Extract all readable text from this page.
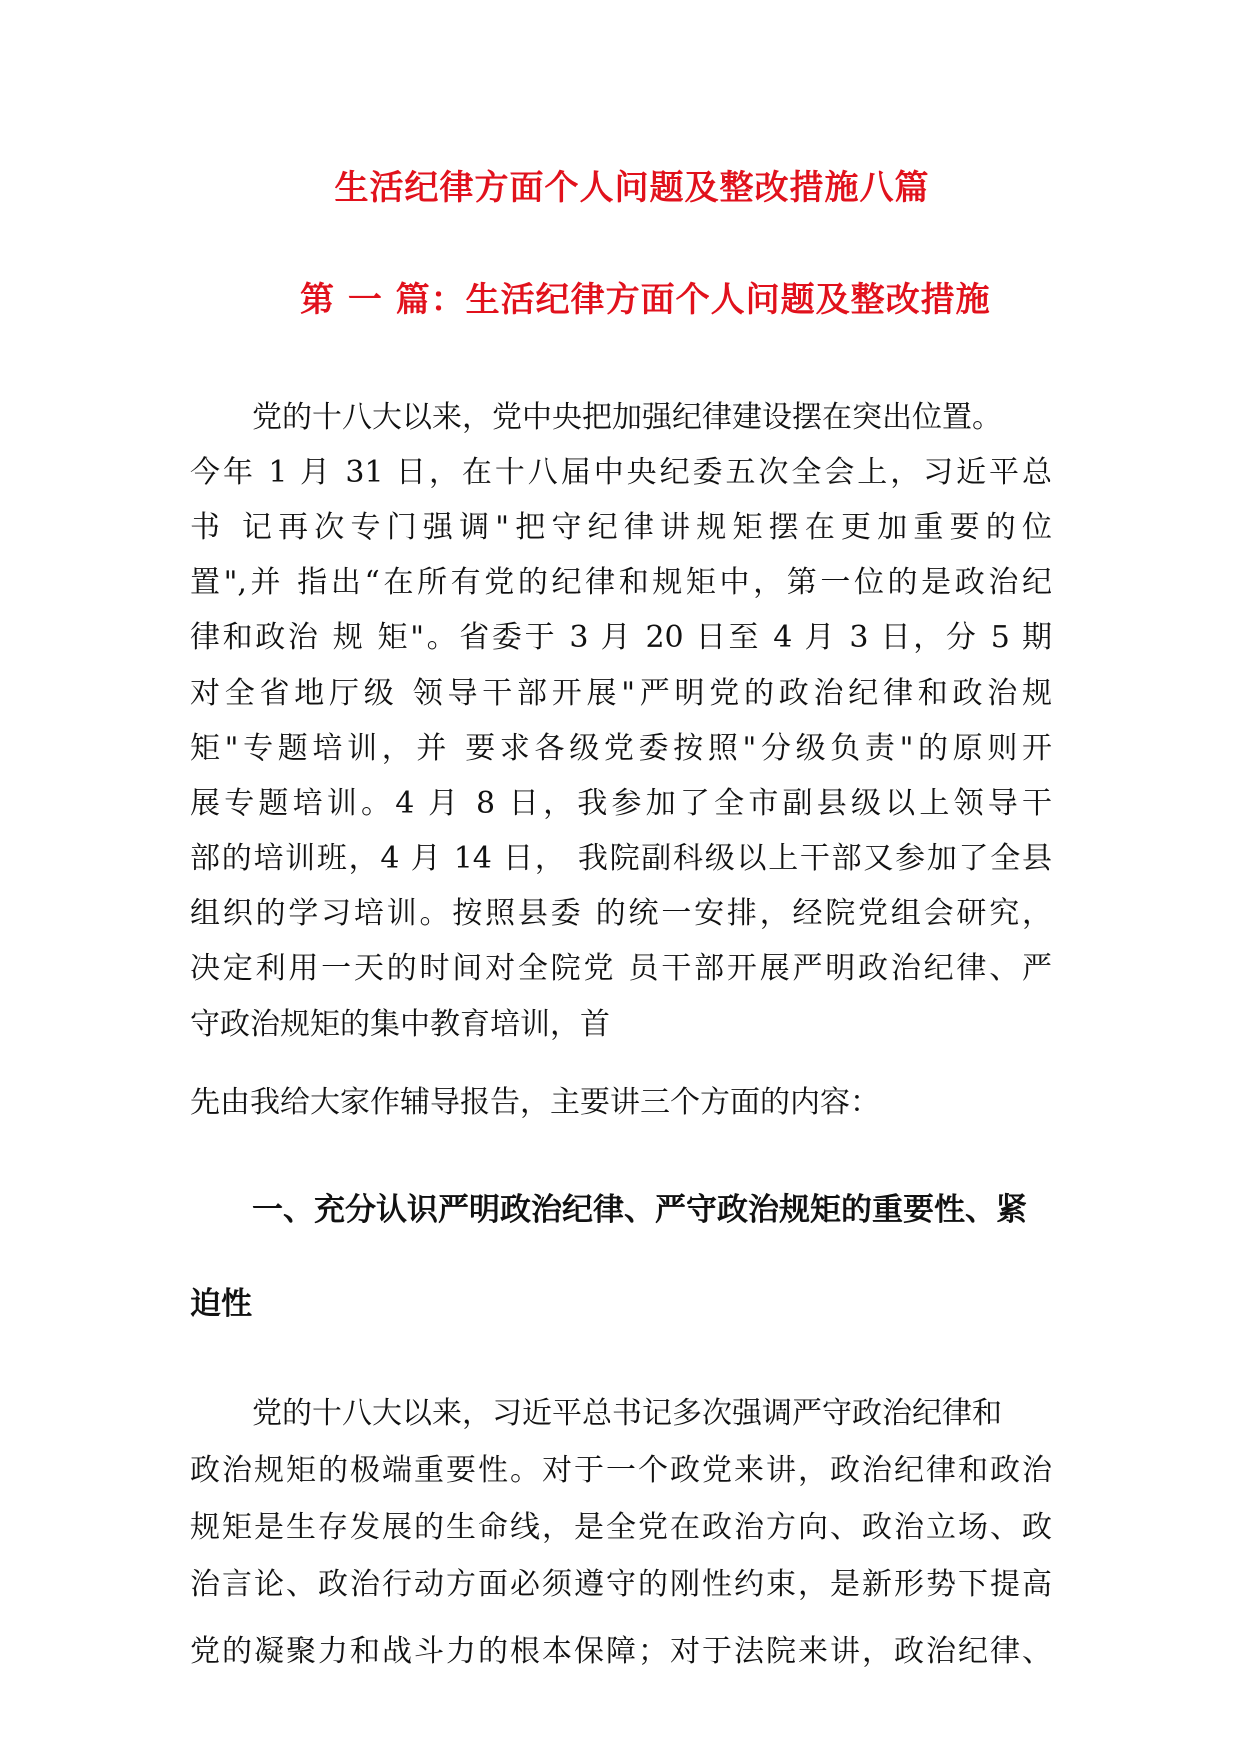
生活纪律方面个人问题及整改措施八篇
第 一 篇：生活纪律方面个人问题及整改措施
党的十八大以来，党中央把加强纪律建设摆在突出位置。
今年 1 月 31 日，在十八届中央纪委五次全会上，习近平总
书 记再次专门强调"把守纪律讲规矩摆在更加重要的位
置",并 指出“在所有党的纪律和规矩中，第一位的是政治纪
律和政治 规 矩"。省委于 3 月 20 日至 4 月 3 日，分 5 期
对全省地厅级 领导干部开展"严明党的政治纪律和政治规
矩"专题培训，并 要求各级党委按照"分级负责"的原则开
展专题培训。4 月 8 日，我参加了全市副县级以上领导干
部的培训班，4 月 14 日， 我院副科级以上干部又参加了全县
组织的学习培训。按照县委 的统一安排，经院党组会研究，
决定利用一天的时间对全院党 员干部开展严明政治纪律、严
守政治规矩的集中教育培训，首
先由我给大家作辅导报告，主要讲三个方面的内容：
一、充分认识严明政治纪律、严守政治规矩的重要性、紧
迫性
党的十八大以来，习近平总书记多次强调严守政治纪律和
政治规矩的极端重要性。对于一个政党来讲，政治纪律和政治
规矩是生存发展的生命线，是全党在政治方向、政治立场、政
治言论、政治行动方面必须遵守的刚性约束，是新形势下提高
党的凝聚力和战斗力的根本保障；对于法院来讲，政治纪律、
